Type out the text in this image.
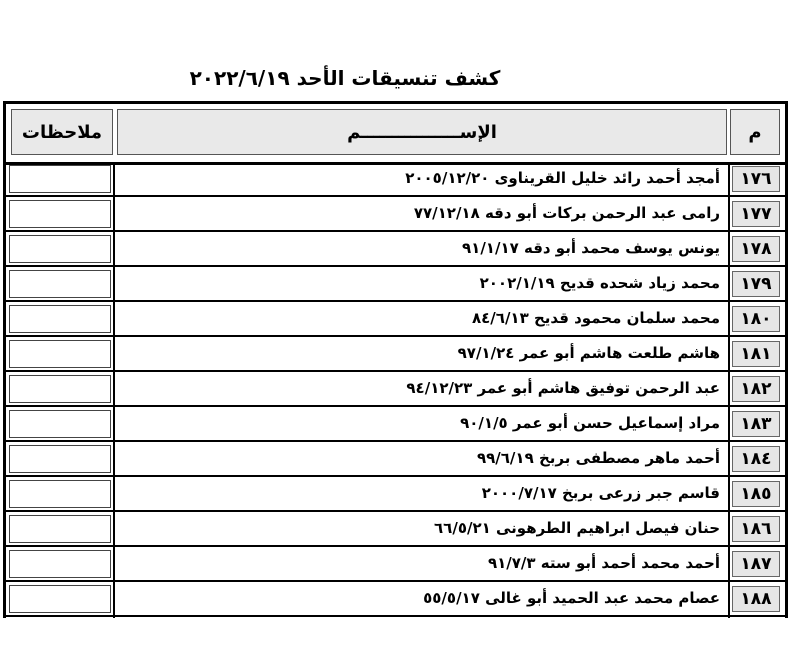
كشف تنسيقات الأحد ٢٠٢٢/٦/١٩
ملاحظات	الإســــــــــــــــم	م
أمجد أحمد رائد خليل القريناوى ٢٠٠٥/١٢/٢٠	١٧٦
رامى عبد الرحمن بركات أبو دقه ٧٧/١٢/١٨	١٧٧
يونس يوسف محمد أبو دقه ٩١/١/١٧	١٧٨
محمد زياد شحده قديح ٢٠٠٢/١/١٩	١٧٩
محمد سلمان محمود قديح ٨٤/٦/١٣	١٨٠
هاشم طلعت هاشم أبو عمر ٩٧/١/٢٤	١٨١
عبد الرحمن توفيق هاشم أبو عمر ٩٤/١٢/٢٣	١٨٢
مراد إسماعيل حسن أبو عمر ٩٠/١/٥	١٨٣
أحمد ماهر مصطفى بربخ ٩٩/٦/١٩	١٨٤
قاسم جبر زرعى بربخ ٢٠٠٠/٧/١٧	١٨٥
حنان فيصل ابراهيم الطرهونى ٦٦/٥/٢١	١٨٦
أحمد محمد أحمد أبو سته ٩١/٧/٣	١٨٧
عصام محمد عبد الحميد أبو غالى ٥٥/٥/١٧	١٨٨
